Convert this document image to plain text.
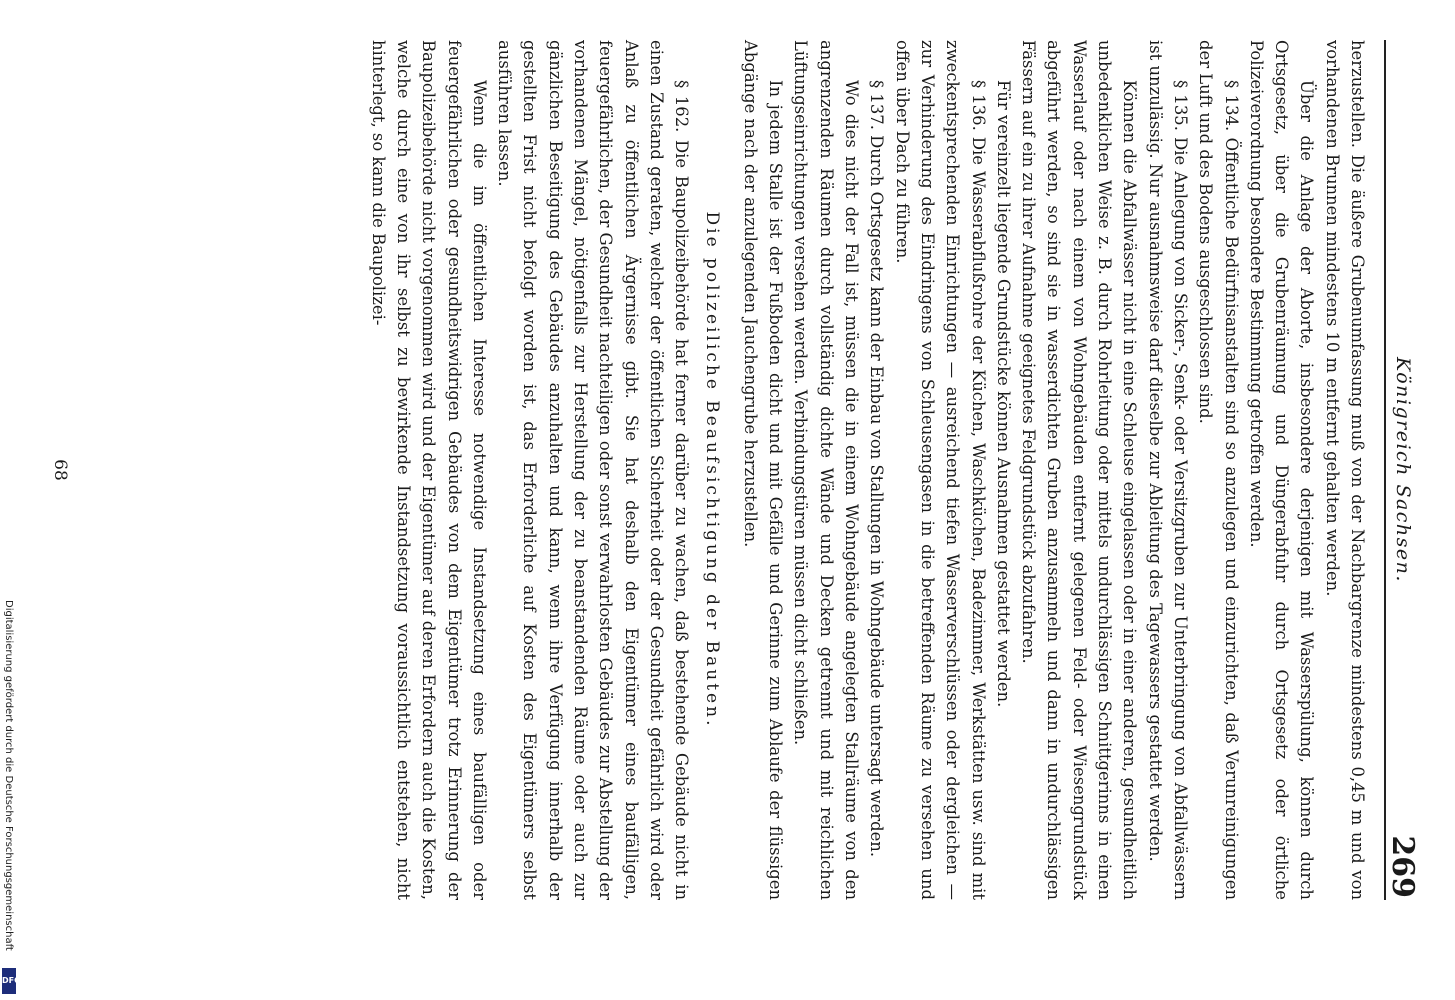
Königreich Sachsen.
269

herzustellen. Die äußere Grubenumfassung muß von der Nachbargrenze mindestens 0,45 m und von vorhandenen Brunnen mindestens 10 m entfernt gehalten werden.

Über die Anlage der Aborte, insbesondere derjenigen mit Wasserspülung, können durch Ortsgesetz, über die Grubenräumung und Düngerabfuhr durch Ortsgesetz oder örtliche Polizeiverordnung besondere Bestimmung getroffen werden.

§ 134. Öffentliche Bedürfnisanstalten sind so anzulegen und einzurichten, daß Verunreinigungen der Luft und des Bodens ausgeschlossen sind.

§ 135. Die Anlegung von Sicker-, Senk- oder Versitzgruben zur Unterbringung von Abfallwässern ist unzulässig. Nur ausnahmsweise darf dieselbe zur Ableitung des Tagewassers gestattet werden.

Können die Abfallwässer nicht in eine Schleuse eingelassen oder in einer anderen, gesundheitlich unbedenklichen Weise z. B. durch Rohrleitung oder mittels undurchlässigen Schnittgerinns in einen Wasserlauf oder nach einem von Wohngebäuden entfernt gelegenen Feld- oder Wiesengrundstück abgeführt werden, so sind sie in wasserdichten Gruben anzusammeln und dann in undurchlässigen Fässern auf ein zu ihrer Aufnahme geeignetes Feldgrundstück abzufahren.

Für vereinzelt liegende Grundstücke können Ausnahmen gestattet werden.

§ 136. Die Wasserabflußrohre der Küchen, Waschküchen, Badezimmer, Werkstätten usw. sind mit zweckentsprechenden Einrichtungen — ausreichend tiefen Wasserverschlüssen oder dergleichen — zur Verhinderung des Eindringens von Schleusengasen in die betreffenden Räume zu versehen und offen über Dach zu führen.

§ 137. Durch Ortsgesetz kann der Einbau von Stallungen in Wohngebäude untersagt werden.

Wo dies nicht der Fall ist, müssen die in einem Wohngebäude angelegten Stallräume von den angrenzenden Räumen durch vollständig dichte Wände und Decken getrennt und mit reichlichen Lüftungseinrichtungen versehen werden. Verbindungstüren müssen dicht schließen.

In jedem Stalle ist der Fußboden dicht und mit Gefälle und Gerinne zum Ablaufe der flüssigen Abgänge nach der anzulegenden Jauchengrube herzustellen.

Die polizeiliche Beaufsichtigung der Bauten.

§ 162. Die Baupolizeibehörde hat ferner darüber zu wachen, daß bestehende Gebäude nicht in einen Zustand geraten, welcher der öffentlichen Sicherheit oder der Gesundheit gefährlich wird oder Anlaß zu öffentlichen Ärgernisse gibt. Sie hat deshalb den Eigentümer eines baufälligen, feuergefährlichen, der Gesundheit nachteiligen oder sonst verwahrlosten Gebäudes zur Abstellung der vorhandenen Mängel, nötigenfalls zur Herstellung der zu beanstandenden Räume oder auch zur gänzlichen Beseitigung des Gebäudes anzuhalten und kann, wenn ihre Verfügung innerhalb der gestellten Frist nicht befolgt worden ist, das Erforderliche auf Kosten des Eigentümers selbst ausführen lassen.

Wenn die im öffentlichen Interesse notwendige Instandsetzung eines baufälligen oder feuergefährlichen oder gesundheitswidrigen Gebäudes von dem Eigentümer trotz Erinnerung der Baupolizeibehörde nicht vorgenommen wird und der Eigentümer auf deren Erfordern auch die Kosten, welche durch eine von ihr selbst zu bewirkende Instandsetzung voraussichtlich entstehen, nicht hinterlegt, so kann die Baupolizei-

68
Digitalisierung gefördert durch die Deutsche Forschungsgemeinschaft
DFG
